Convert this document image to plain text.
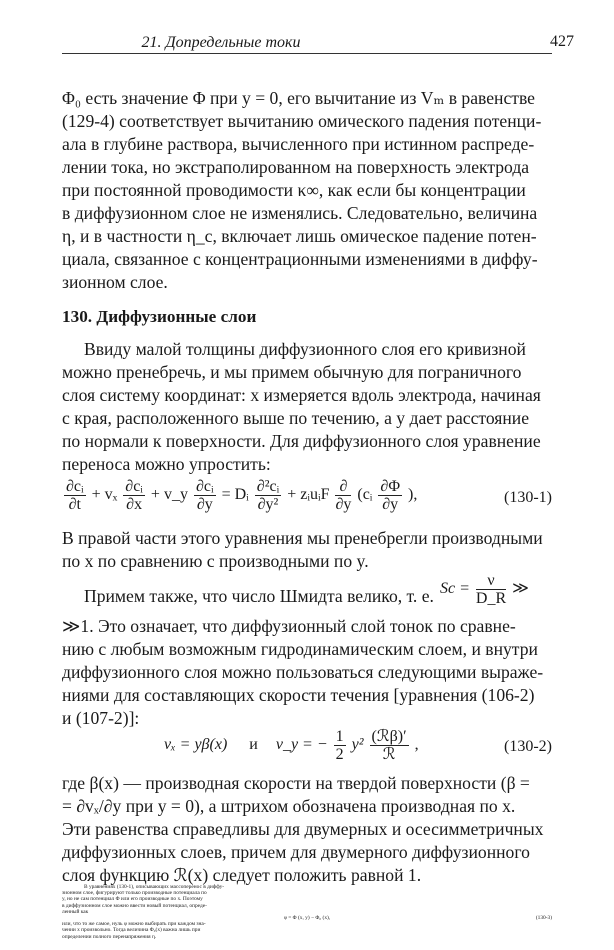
21. Допредельные токи	427
Φ₀ есть значение Φ при y = 0, его вычитание из Vₘ в равенстве
(129-4) соответствует вычитанию омического падения потенци-
ала в глубине раствора, вычисленного при истинном распреде-
лении тока, но экстраполированном на поверхность электрода
при постоянной проводимости κ∞, как если бы концентрации
в диффузионном слое не изменялись. Следовательно, величина
η, и в частности η_c, включает лишь омическое падение потен-
циала, связанное с концентрационными изменениями в диффу-
зионном слое.
130. Диффузионные слои
Ввиду малой толщины диффузионного слоя его кривизной
можно пренебречь, и мы примем обычную для пограничного
слоя систему координат: x измеряется вдоль электрода, начиная
с края, расположенного выше по течению, а y дает расстояние
по нормали к поверхности. Для диффузионного слоя уравнение
переноса можно упростить:
$\frac{\text{∂cᵢ}}{\partial t} + v_x \frac{\text{∂cᵢ}}{\partial x}$ + v_y $\frac{\text{∂cᵢ}}{\partial y}$ = Dᵢ $\frac{\text{∂²cᵢ}}{\text{∂y²}}$ + zᵢuᵢF $\frac{\partial}{\partial y}$ (cᵢ $\frac{\partial\Phi}{\partial y}$ ),	(130-1)
В правой части этого уравнения мы пренебрегли производными
по x по сравнению с производными по y.
Примем также, что число Шмидта велико, т. е. $Sc = \frac{\nu}{D\_R}$ ≫
≫1. Это означает, что диффузионный слой тонок по сравне-
нию с любым возможным гидродинамическим слоем, и внутри
диффузионного слоя можно пользоваться следующими выраже-
ниями для составляющих скорости течения [уравнения (106-2)
и (107-2)]:
vₓ = yβ(x) и v_y = − $\frac{1}{2} y^2 \frac{\text{(ℛβ)′}}{\text{ℛ}}$ ,	(130-2)
где β(x) — производная скорости на твердой поверхности (β =
= ∂vₓ/∂y при y = 0), а штрихом обозначена производная по x.
Эти равенства справедливы для двумерных и осесимметричных
диффузионных слоев, причем для двумерного диффузионного
слоя функцию ℛ(x) следует положить равной 1.
В уравнениях (130-1), описывающих массоперенос в диффу-
зионном слое, фигурируют только производные потенциала по
y, но не сам потенциал Φ или его производные по x. Поэтому
в диффузионном слое можно ввести новый потенциал, опреде-
ленный как
φ = Φ (x, y) − Φ₀ (x),	(130-3)
или, что то же самое, нуль φ можно выбирать при каждом зна-
чении x произвольно. Тогда величина Φ₀(x) важна лишь при
определении полного перенапряжения η.
